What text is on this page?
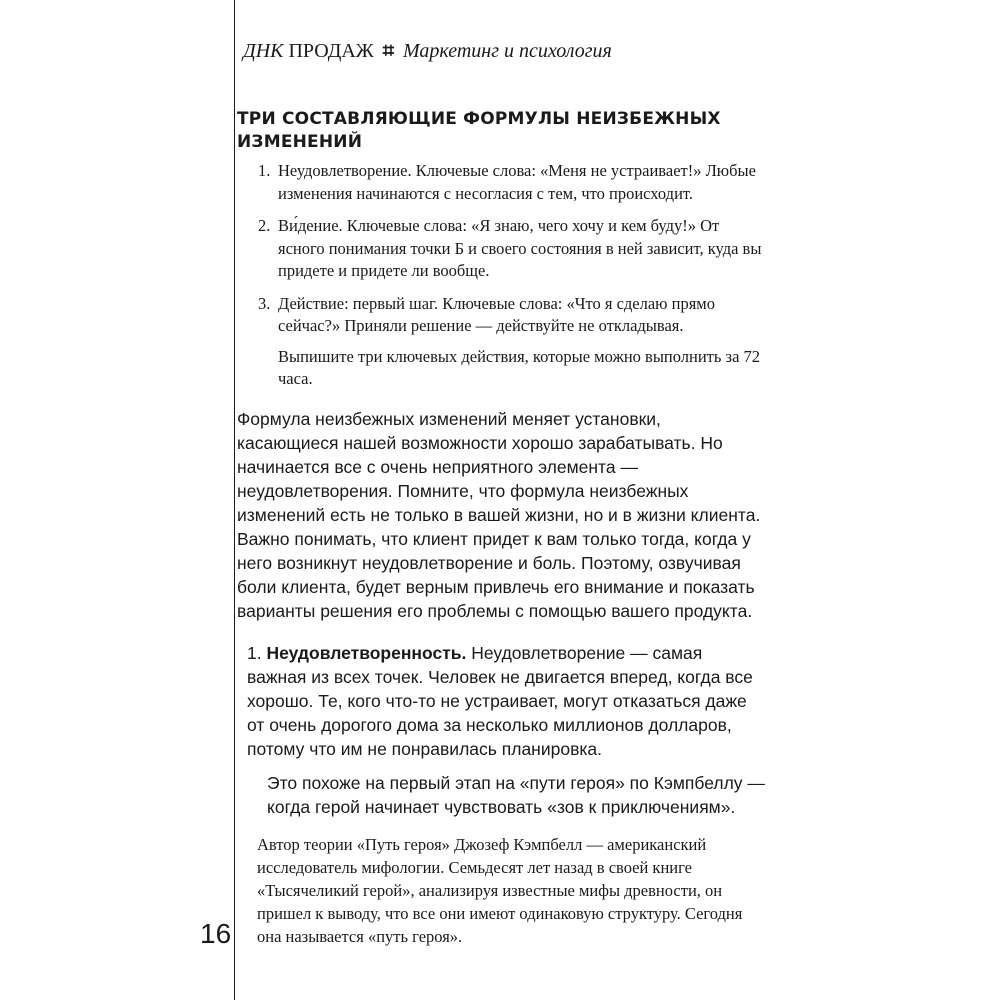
ДНК ПРОДАЖ ⌗ Маркетинг и психология
ТРИ СОСТАВЛЯЮЩИЕ ФОРМУЛЫ НЕИЗБЕЖНЫХ ИЗМЕНЕНИЙ
1. Неудовлетворение. Ключевые слова: «Меня не устраивает!» Любые изменения начинаются с несогласия с тем, что происходит.

2. Ви́дение. Ключевые слова: «Я знаю, чего хочу и кем буду!» От ясного понимания точки Б и своего состояния в ней зависит, куда вы придете и придете ли вообще.

3. Действие: первый шаг. Ключевые слова: «Что я сделаю прямо сейчас?» Приняли решение — действуйте не откладывая.

Выпишите три ключевых действия, которые можно выполнить за 72 часа.

Формула неизбежных изменений меняет установки, касающиеся нашей возможности хорошо зарабатывать. Но начинается все с очень неприятного элемента — неудовлетворения. Помните, что формула неизбежных изменений есть не только в вашей жизни, но и в жизни клиента. Важно понимать, что клиент придет к вам только тогда, когда у него возникнут неудовлетворение и боль. Поэтому, озвучивая боли клиента, будет верным привлечь его внимание и показать варианты решения его проблемы с помощью вашего продукта.

1. Неудовлетворенность. Неудовлетворение — самая важная из всех точек. Человек не двигается вперед, когда все хорошо. Те, кого что-то не устраивает, могут отказаться даже от очень дорогого дома за несколько миллионов долларов, потому что им не понравилась планировка.

Это похоже на первый этап на «пути героя» по Кэмпбеллу — когда герой начинает чувствовать «зов к приключениям».

Автор теории «Путь героя» Джозеф Кэмпбелл — американский исследователь мифологии. Семьдесят лет назад в своей книге «Тысячеликий герой», анализируя известные мифы древности, он пришел к выводу, что все они имеют одинаковую структуру. Сегодня она называется «путь героя».

16
